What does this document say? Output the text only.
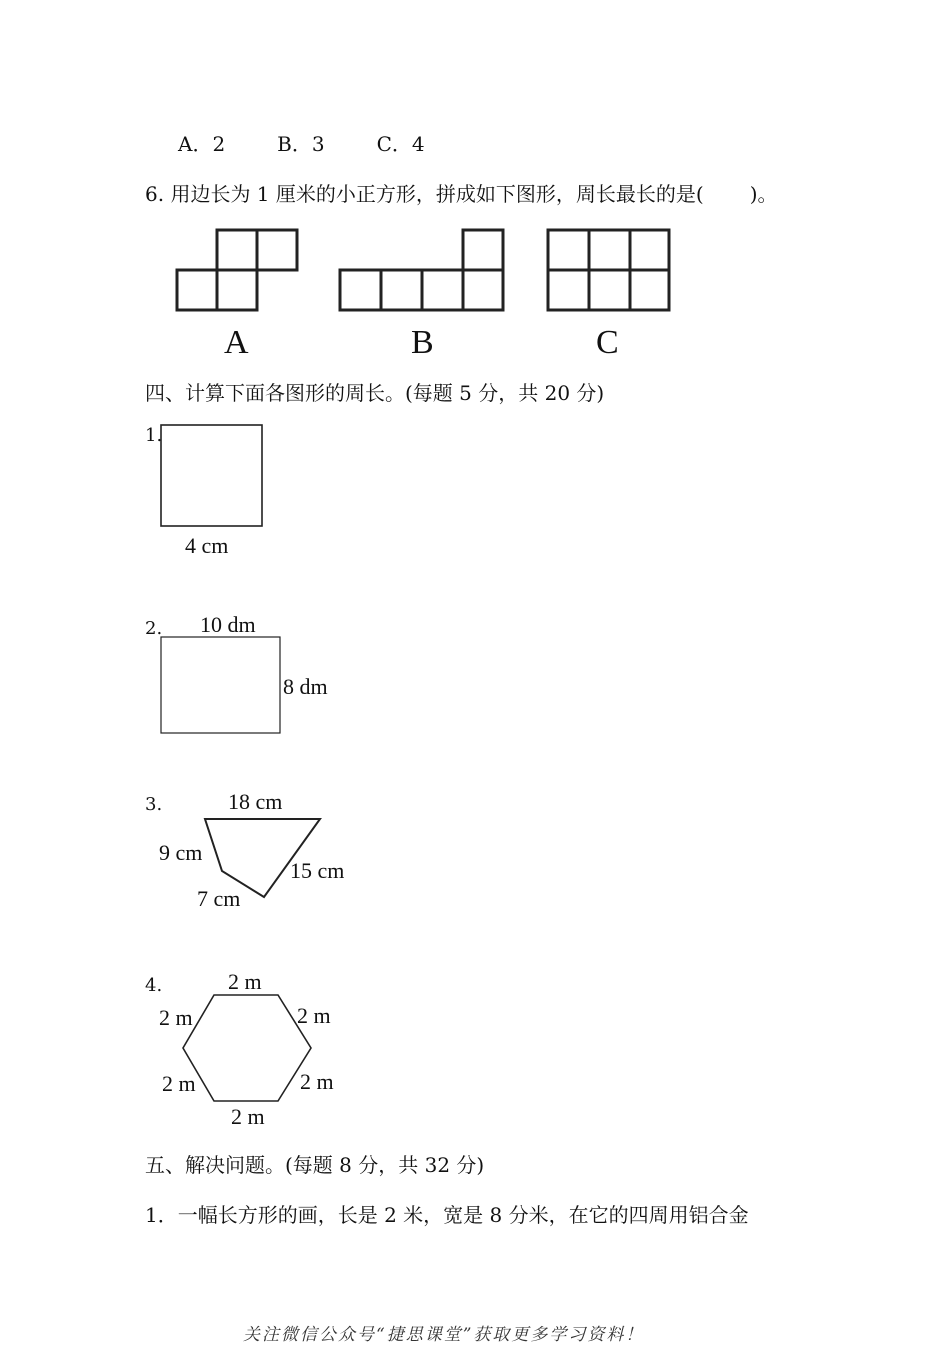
A．2	B．3	C．4
6. 用边长为 1 厘米的小正方形，拼成如下图形，周长最长的是( )。
A	B	C
四、计算下面各图形的周长。(每题 5 分，共 20 分)
1.
4 cm
2. 10 dm
8 dm
3.	18 cm
9 cm
15 cm
7 cm
4.	2 m
2 m	2 m
2 m	2 m
2 m
五、解决问题。(每题 8 分，共 32 分)
1．一幅长方形的画，长是 2 米，宽是 8 分米，在它的四周用铝合金
关注微信公众号“捷思课堂”获取更多学习资料！
